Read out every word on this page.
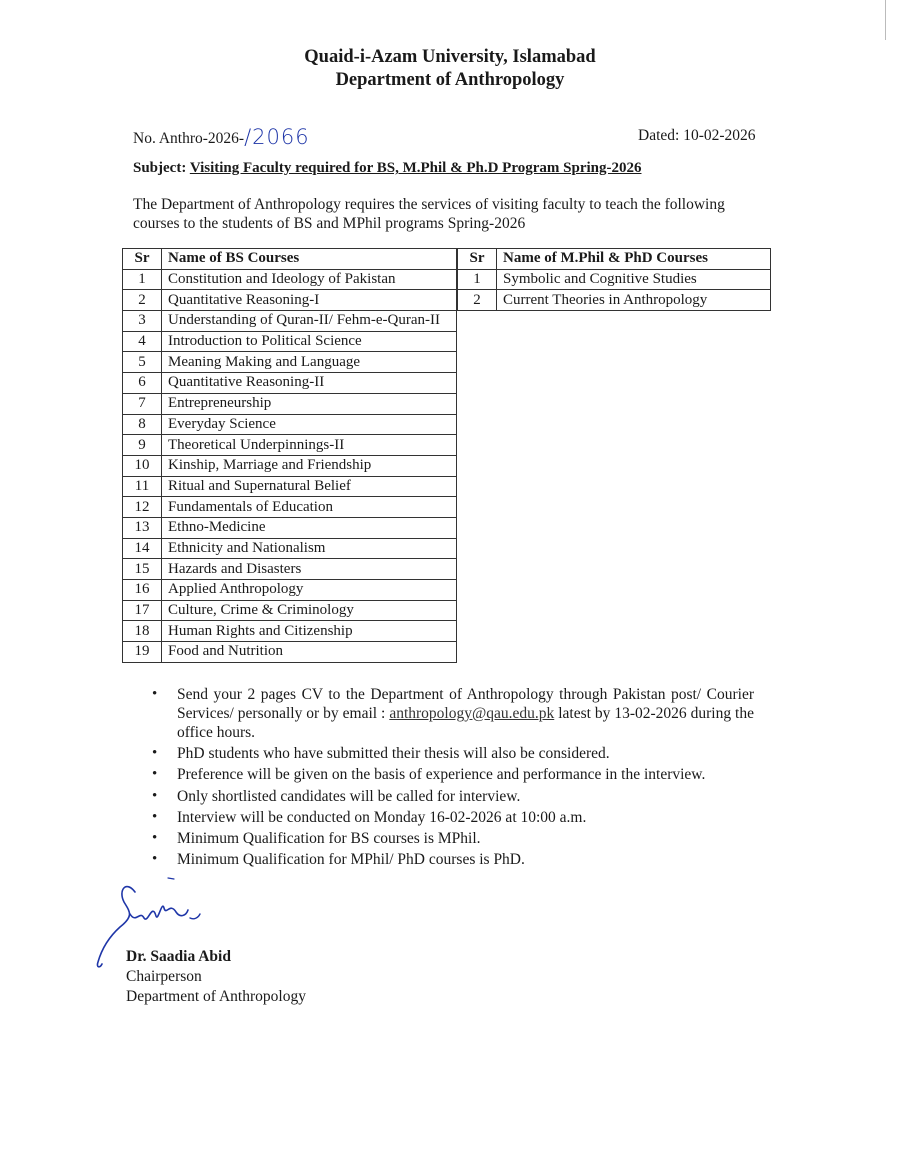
Quaid-i-Azam University, Islamabad
Department of Anthropology
No. Anthro-2026-/2066	Dated: 10-02-2026
Subject: Visiting Faculty required for BS, M.Phil & Ph.D Program Spring-2026
The Department of Anthropology requires the services of visiting faculty to teach the following courses to the students of BS and MPhil programs Spring-2026
Sr	Name of BS Courses
1	Constitution and Ideology of Pakistan
2	Quantitative Reasoning-I
3	Understanding of Quran-II/ Fehm-e-Quran-II
4	Introduction to Political Science
5	Meaning Making and Language
6	Quantitative Reasoning-II
7	Entrepreneurship
8	Everyday Science
9	Theoretical Underpinnings-II
10	Kinship, Marriage and Friendship
11	Ritual and Supernatural Belief
12	Fundamentals of Education
13	Ethno-Medicine
14	Ethnicity and Nationalism
15	Hazards and Disasters
16	Applied Anthropology
17	Culture, Crime & Criminology
18	Human Rights and Citizenship
19	Food and Nutrition
Sr	Name of M.Phil & PhD Courses
1	Symbolic and Cognitive Studies
2	Current Theories in Anthropology
• Send your 2 pages CV to the Department of Anthropology through Pakistan post/ Courier Services/ personally or by email : anthropology@qau.edu.pk latest by 13-02-2026 during the office hours.
• PhD students who have submitted their thesis will also be considered.
• Preference will be given on the basis of experience and performance in the interview.
• Only shortlisted candidates will be called for interview.
• Interview will be conducted on Monday 16-02-2026 at 10:00 a.m.
• Minimum Qualification for BS courses is MPhil.
• Minimum Qualification for MPhil/ PhD courses is PhD.
Dr. Saadia Abid
Chairperson
Department of Anthropology
